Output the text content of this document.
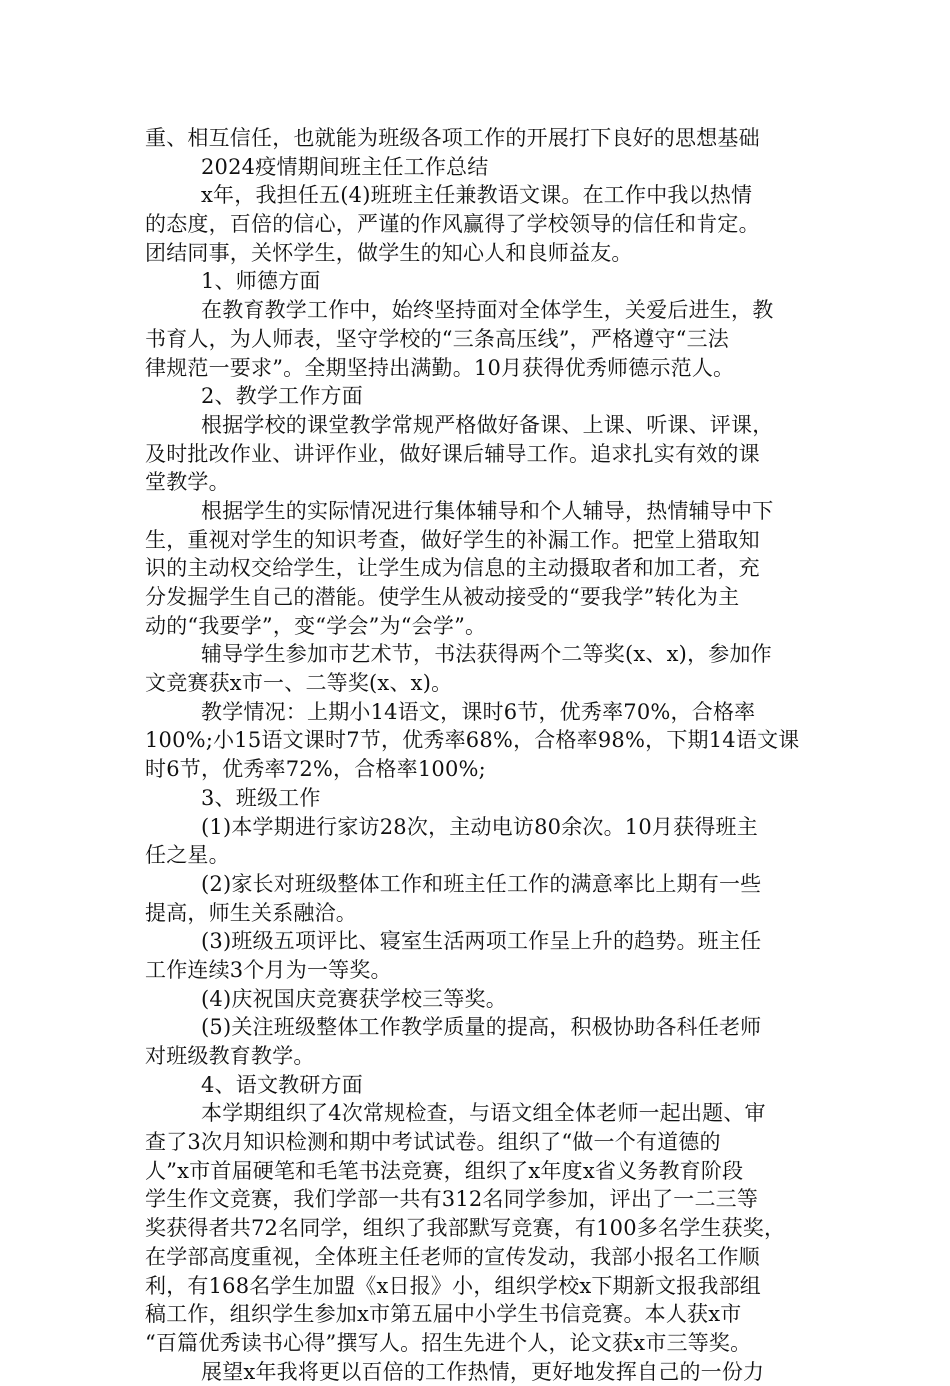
重、相互信任，也就能为班级各项工作的开展打下良好的思想基础
2024疫情期间班主任工作总结
x年，我担任五(4)班班主任兼教语文课。在工作中我以热情
的态度，百倍的信心，严谨的作风赢得了学校领导的信任和肯定。
团结同事，关怀学生，做学生的知心人和良师益友。
1、师德方面
在教育教学工作中，始终坚持面对全体学生，关爱后进生，教
书育人，为人师表，坚守学校的“三条高压线”，严格遵守“三法
律规范一要求”。全期坚持出满勤。10月获得优秀师德示范人。
2、教学工作方面
根据学校的课堂教学常规严格做好备课、上课、听课、评课，
及时批改作业、讲评作业，做好课后辅导工作。追求扎实有效的课
堂教学。
根据学生的实际情况进行集体辅导和个人辅导，热情辅导中下
生，重视对学生的知识考查，做好学生的补漏工作。把堂上猎取知
识的主动权交给学生，让学生成为信息的主动摄取者和加工者，充
分发掘学生自己的潜能。使学生从被动接受的“要我学”转化为主
动的“我要学”，变“学会”为“会学”。
辅导学生参加市艺术节，书法获得两个二等奖(x、x)，参加作
文竞赛获x市一、二等奖(x、x)。
教学情况：上期小14语文，课时6节，优秀率70%，合格率
100%;小15语文课时7节，优秀率68%，合格率98%，下期14语文课
时6节，优秀率72%，合格率100%;
3、班级工作
(1)本学期进行家访28次，主动电访80余次。10月获得班主
任之星。
(2)家长对班级整体工作和班主任工作的满意率比上期有一些
提高，师生关系融洽。
(3)班级五项评比、寝室生活两项工作呈上升的趋势。班主任
工作连续3个月为一等奖。
(4)庆祝国庆竞赛获学校三等奖。
(5)关注班级整体工作教学质量的提高，积极协助各科任老师
对班级教育教学。
4、语文教研方面
本学期组织了4次常规检查，与语文组全体老师一起出题、审
查了3次月知识检测和期中考试试卷。组织了“做一个有道德的
人”x市首届硬笔和毛笔书法竞赛，组织了x年度x省义务教育阶段
学生作文竞赛，我们学部一共有312名同学参加，评出了一二三等
奖获得者共72名同学，组织了我部默写竞赛，有100多名学生获奖，
在学部高度重视，全体班主任老师的宣传发动，我部小报名工作顺
利，有168名学生加盟《x日报》小，组织学校x下期新文报我部组
稿工作，组织学生参加x市第五届中小学生书信竞赛。本人获x市
“百篇优秀读书心得”撰写人。招生先进个人，论文获x市三等奖。
展望x年我将更以百倍的工作热情，更好地发挥自己的一份力
